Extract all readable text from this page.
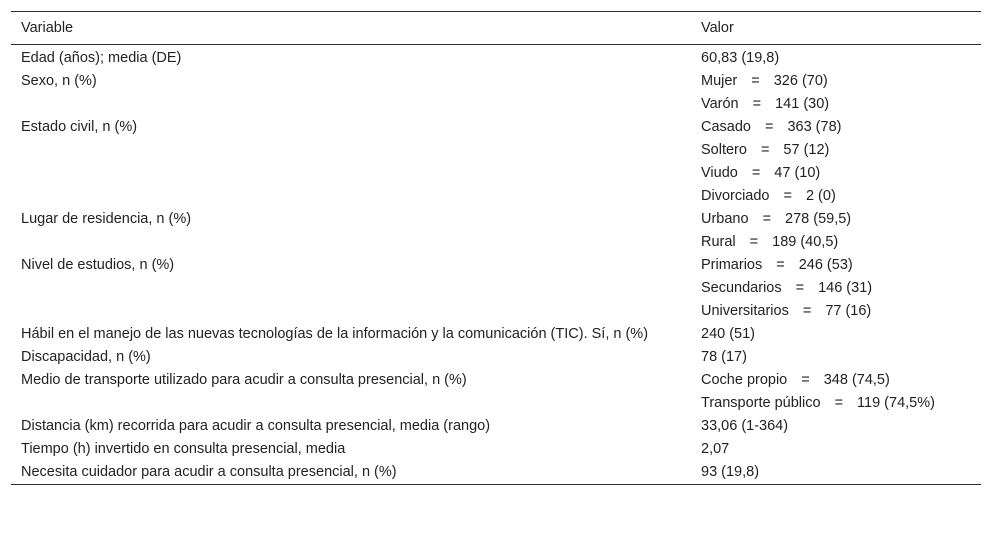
Variable	Valor
Edad (años); media (DE)	60,83 (19,8)
Sexo, n (%)	Mujer = 326 (70)
	Varón = 141 (30)
Estado civil, n (%)	Casado = 363 (78)
	Soltero = 57 (12)
	Viudo = 47 (10)
	Divorciado = 2 (0)
Lugar de residencia, n (%)	Urbano = 278 (59,5)
	Rural = 189 (40,5)
Nivel de estudios, n (%)	Primarios = 246 (53)
	Secundarios = 146 (31)
	Universitarios = 77 (16)
Hábil en el manejo de las nuevas tecnologías de la información y la comunicación (TIC). Sí, n (%)	240 (51)
Discapacidad, n (%)	78 (17)
Medio de transporte utilizado para acudir a consulta presencial, n (%)	Coche propio = 348 (74,5)
	Transporte público = 119 (74,5%)
Distancia (km) recorrida para acudir a consulta presencial, media (rango)	33,06 (1-364)
Tiempo (h) invertido en consulta presencial, media	2,07
Necesita cuidador para acudir a consulta presencial, n (%)	93 (19,8)
